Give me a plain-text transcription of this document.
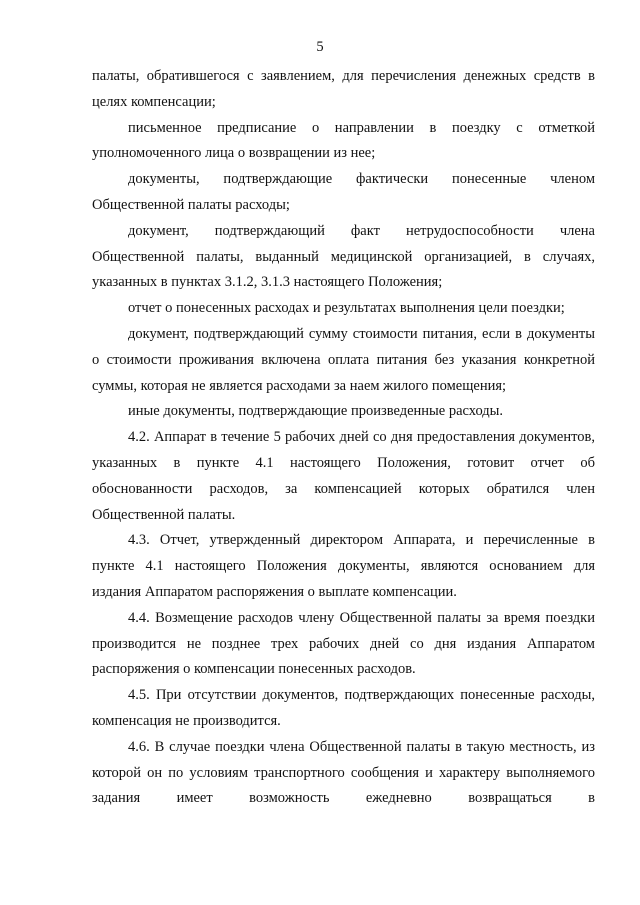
5

палаты, обратившегося с заявлением, для перечисления денежных средств в целях компенсации;

письменное предписание о направлении в поездку с отметкой уполномоченного лица о возвращении из нее;

документы, подтверждающие фактически понесенные членом Общественной палаты расходы;

документ, подтверждающий факт нетрудоспособности члена Общественной палаты, выданный медицинской организацией, в случаях, указанных в пунктах 3.1.2, 3.1.3 настоящего Положения;

отчет о понесенных расходах и результатах выполнения цели поездки;

документ, подтверждающий сумму стоимости питания, если в документы о стоимости проживания включена оплата питания без указания конкретной суммы, которая не является расходами за наем жилого помещения;

иные документы, подтверждающие произведенные расходы.

4.2. Аппарат в течение 5 рабочих дней со дня предоставления документов, указанных в пункте 4.1 настоящего Положения, готовит отчет об обоснованности расходов, за компенсацией которых обратился член Общественной палаты.

4.3. Отчет, утвержденный директором Аппарата, и перечисленные в пункте 4.1 настоящего Положения документы, являются основанием для издания Аппаратом распоряжения о выплате компенсации.

4.4. Возмещение расходов члену Общественной палаты за время поездки производится не позднее трех рабочих дней со дня издания Аппаратом распоряжения о компенсации понесенных расходов.

4.5. При отсутствии документов, подтверждающих понесенные расходы, компенсация не производится.

4.6. В случае поездки члена Общественной палаты в такую местность, из которой он по условиям транспортного сообщения и характеру выполняемого задания имеет возможность ежедневно возвращаться в
